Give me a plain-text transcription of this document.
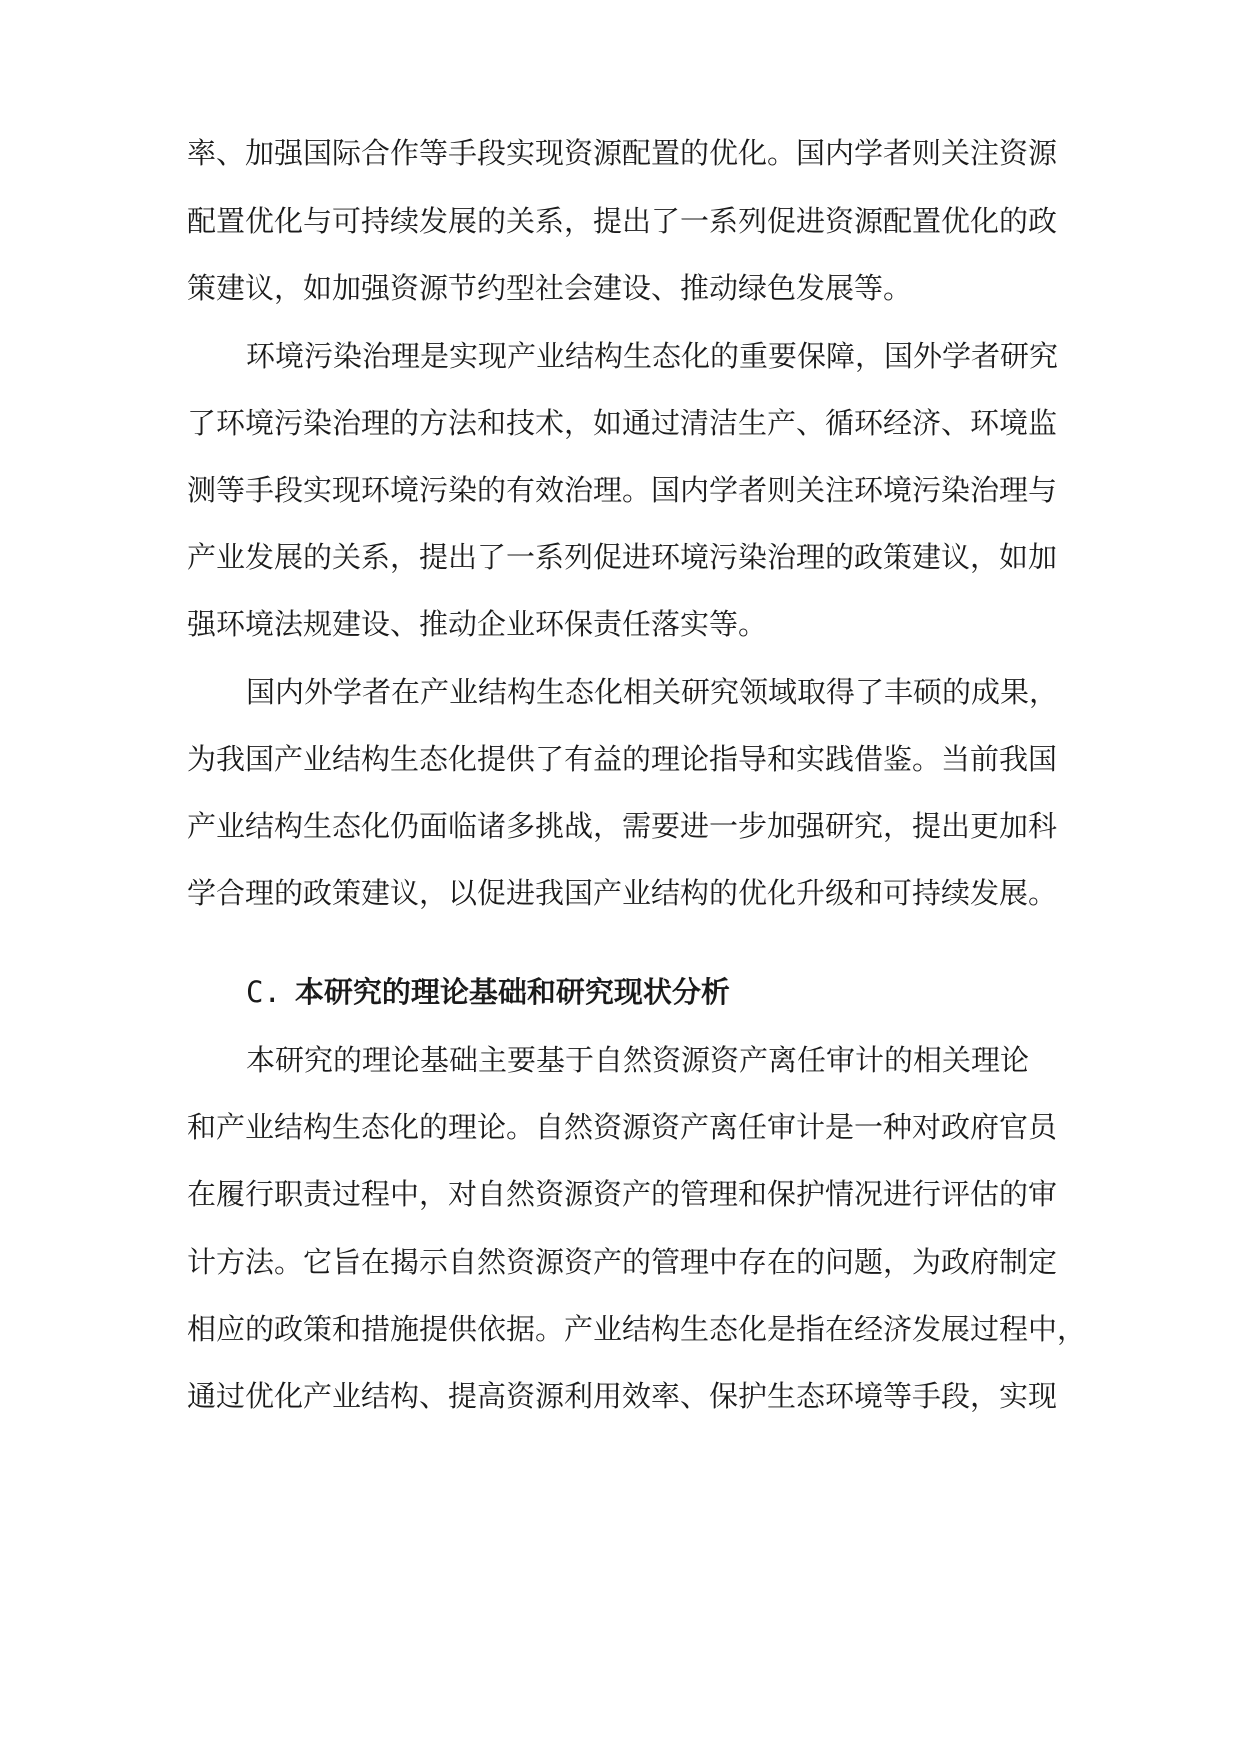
率、加强国际合作等手段实现资源配置的优化。国内学者则关注资源
配置优化与可持续发展的关系，提出了一系列促进资源配置优化的政
策建议，如加强资源节约型社会建设、推动绿色发展等。
环境污染治理是实现产业结构生态化的重要保障，国外学者研究
了环境污染治理的方法和技术，如通过清洁生产、循环经济、环境监
测等手段实现环境污染的有效治理。国内学者则关注环境污染治理与
产业发展的关系，提出了一系列促进环境污染治理的政策建议，如加
强环境法规建设、推动企业环保责任落实等。
国内外学者在产业结构生态化相关研究领域取得了丰硕的成果，
为我国产业结构生态化提供了有益的理论指导和实践借鉴。当前我国
产业结构生态化仍面临诸多挑战，需要进一步加强研究，提出更加科
学合理的政策建议，以促进我国产业结构的优化升级和可持续发展。
C. 本研究的理论基础和研究现状分析
本研究的理论基础主要基于自然资源资产离任审计的相关理论
和产业结构生态化的理论。自然资源资产离任审计是一种对政府官员
在履行职责过程中，对自然资源资产的管理和保护情况进行评估的审
计方法。它旨在揭示自然资源资产的管理中存在的问题，为政府制定
相应的政策和措施提供依据。产业结构生态化是指在经济发展过程中，
通过优化产业结构、提高资源利用效率、保护生态环境等手段，实现
